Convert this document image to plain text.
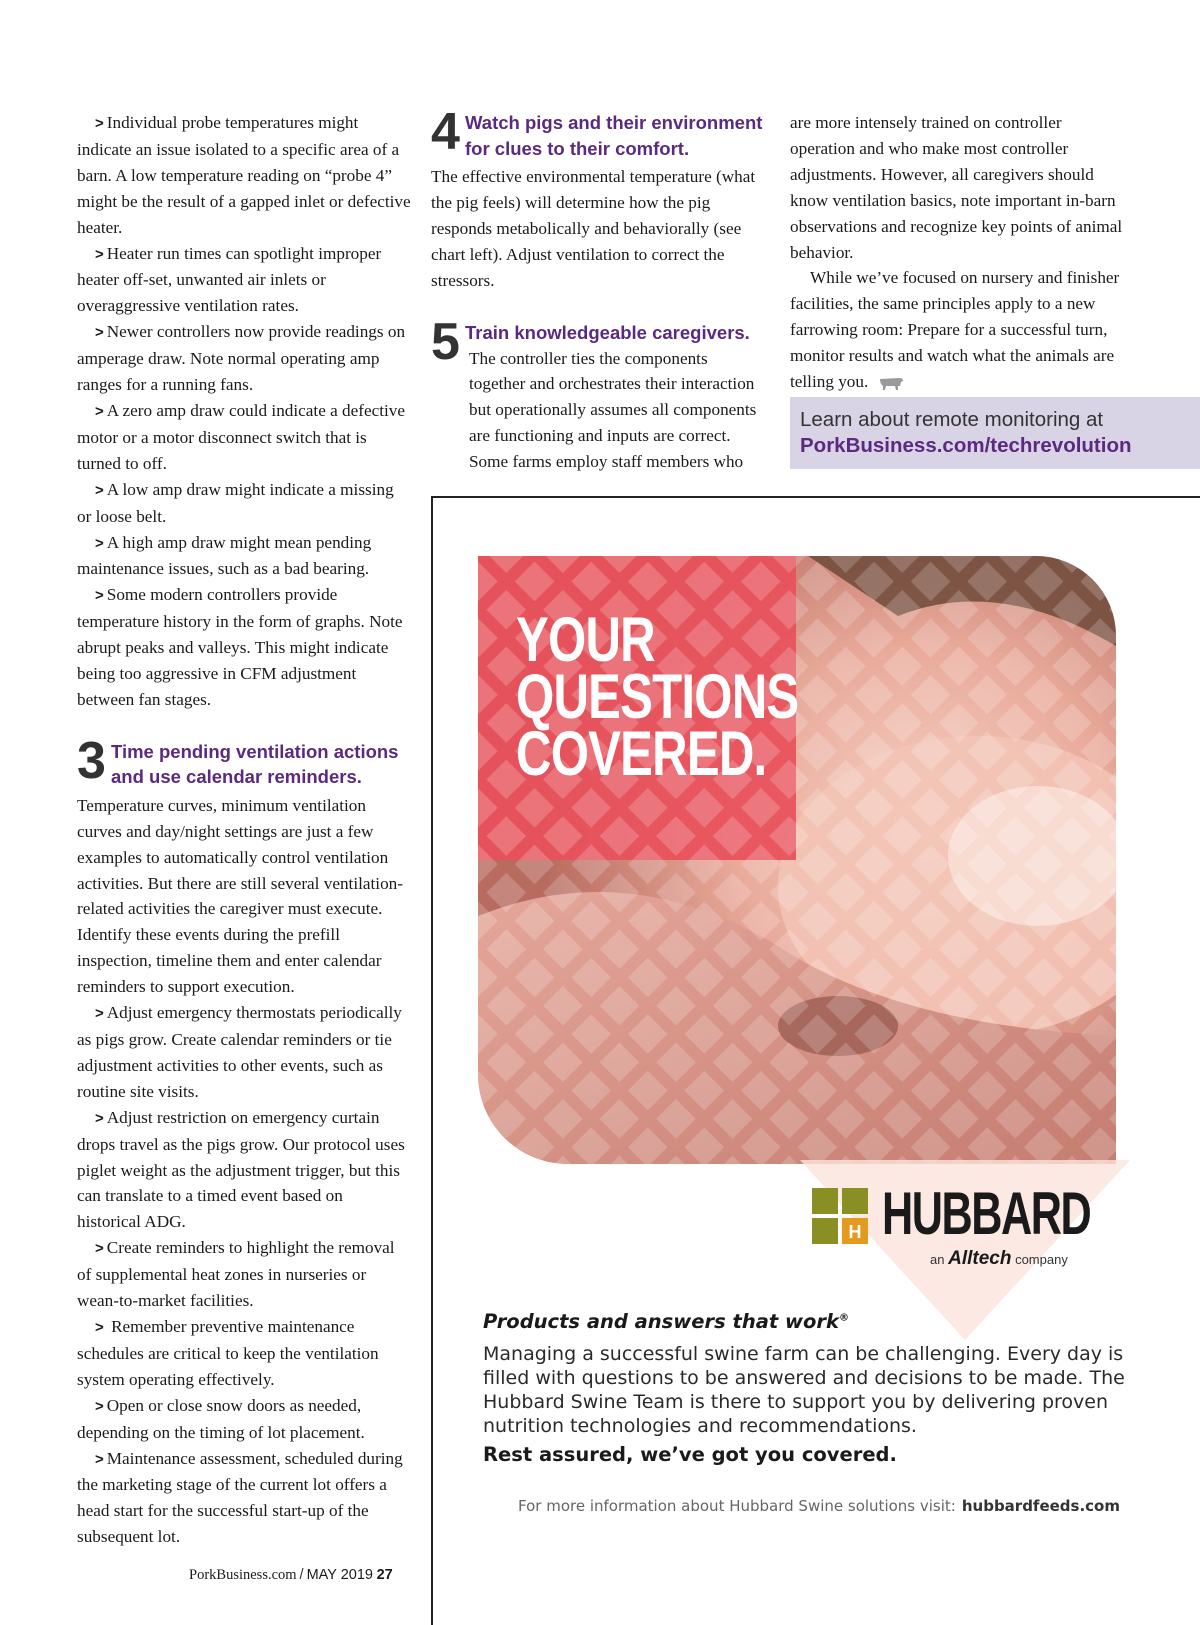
> Individual probe temperatures might indicate an issue isolated to a specific area of a barn. A low temperature reading on “probe 4” might be the result of a gapped inlet or defective heater.

> Heater run times can spotlight improper heater off-set, unwanted air inlets or overaggressive ventilation rates.

> Newer controllers now provide readings on amperage draw. Note normal operating amp ranges for a running fans.

> A zero amp draw could indicate a defective motor or a motor disconnect switch that is turned to off.

> A low amp draw might indicate a missing or loose belt.

> A high amp draw might mean pending maintenance issues, such as a bad bearing.

> Some modern controllers provide temperature history in the form of graphs. Note abrupt peaks and valleys. This might indicate being too aggressive in CFM adjustment between fan stages.

3 Time pending ventilation actions and use calendar reminders.

Temperature curves, minimum ventilation curves and day/night settings are just a few examples to automatically control ventilation activities. But there are still several ventilation-related activities the caregiver must execute. Identify these events during the prefill inspection, timeline them and enter calendar reminders to support execution.

> Adjust emergency thermostats periodically as pigs grow. Create calendar reminders or tie adjustment activities to other events, such as routine site visits.

> Adjust restriction on emergency curtain drops travel as the pigs grow. Our protocol uses piglet weight as the adjustment trigger, but this can translate to a timed event based on historical ADG.

> Create reminders to highlight the removal of supplemental heat zones in nurseries or wean-to-market facilities.

> Remember preventive maintenance schedules are critical to keep the ventilation system operating effectively.

> Open or close snow doors as needed, depending on the timing of lot placement.

> Maintenance assessment, scheduled during the marketing stage of the current lot offers a head start for the successful start-up of the subsequent lot.

4 Watch pigs and their environment for clues to their comfort.

The effective environmental temperature (what the pig feels) will determine how the pig responds metabolically and behaviorally (see chart left). Adjust ventilation to correct the stressors.

5 Train knowledgeable caregivers.

The controller ties the components together and orchestrates their interaction but operationally assumes all components are functioning and inputs are correct. Some farms employ staff members who

are more intensely trained on controller operation and who make most controller adjustments. However, all caregivers should know ventilation basics, note important in-barn observations and recognize key points of animal behavior.

While we’ve focused on nursery and finisher facilities, the same principles apply to a new farrowing room: Prepare for a successful turn, monitor results and watch what the animals are telling you.

Learn about remote monitoring at
PorkBusiness.com/techrevolution
PorkBusiness.com / MAY 2019 27
YOUR
QUESTIONS
COVERED.
H HUBBARD
an Alltech company
Products and answers that work®
Managing a successful swine farm can be challenging. Every day is filled with questions to be answered and decisions to be made. The Hubbard Swine Team is there to support you by delivering proven nutrition technologies and recommendations.
Rest assured, we’ve got you covered.
For more information about Hubbard Swine solutions visit: hubbardfeeds.com
